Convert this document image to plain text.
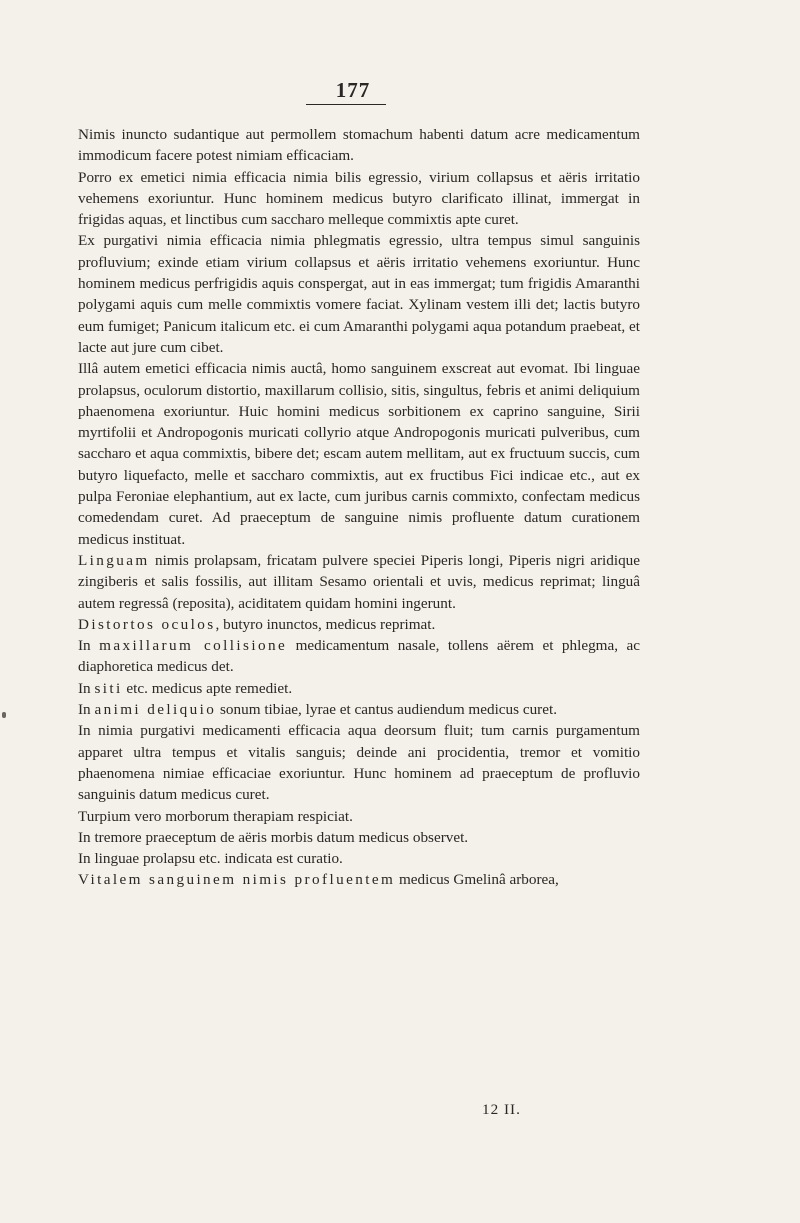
177

Nimis inuncto sudantique aut permollem stomachum habenti datum acre medicamentum immodicum facere potest nimiam efficaciam.

Porro ex emetici nimia efficacia nimia bilis egressio, virium collapsus et aëris irritatio vehemens exoriuntur. Hunc hominem medicus butyro clarificato illinat, immergat in frigidas aquas, et linctibus cum saccharo melleque commixtis apte curet.

Ex purgativi nimia efficacia nimia phlegmatis egressio, ultra tempus simul sanguinis profluvium; exinde etiam virium collapsus et aëris irritatio vehemens exoriuntur. Hunc hominem medicus perfrigidis aquis conspergat, aut in eas immergat; tum frigidis Amaranthi polygami aquis cum melle commixtis vomere faciat. Xylinam vestem illi det; lactis butyro eum fumiget; Panicum italicum etc. ei cum Amaranthi polygami aqua potandum praebeat, et lacte aut jure cum cibet.

Illâ autem emetici efficacia nimis auctâ, homo sanguinem exscreat aut evomat. Ibi linguae prolapsus, oculorum distortio, maxillarum collisio, sitis, singultus, febris et animi deliquium phaenomena exoriuntur. Huic homini medicus sorbitionem ex caprino sanguine, Sirii myrtifolii et Andropogonis muricati collyrio atque Andropogonis muricati pulveribus, cum saccharo et aqua commixtis, bibere det; escam autem mellitam, aut ex fructuum succis, cum butyro liquefacto, melle et saccharo commixtis, aut ex fructibus Fici indicae etc., aut ex pulpa Feroniae elephantium, aut ex lacte, cum juribus carnis commixto, confectam medicus comedendam curet. Ad praeceptum de sanguine nimis profluente datum curationem medicus instituat.

Linguam nimis prolapsam, fricatam pulvere speciei Piperis longi, Piperis nigri aridique zingiberis et salis fossilis, aut illitam Sesamo orientali et uvis, medicus reprimat; linguâ autem regressâ (reposita), aciditatem quidam homini ingerunt.

Distortos oculos, butyro inunctos, medicus reprimat.

In maxillarum collisione medicamentum nasale, tollens aërem et phlegma, ac diaphoretica medicus det.

In siti etc. medicus apte remediet.

In animi deliquio sonum tibiae, lyrae et cantus audiendum medicus curet.

In nimia purgativi medicamenti efficacia aqua deorsum fluit; tum carnis purgamentum apparet ultra tempus et vitalis sanguis; deinde ani procidentia, tremor et vomitio phaenomena nimiae efficaciae exoriuntur. Hunc hominem ad praeceptum de profluvio sanguinis datum medicus curet.

Turpium vero morborum therapiam respiciat.

In tremore praeceptum de aëris morbis datum medicus observet.

In linguae prolapsu etc. indicata est curatio.

Vitalem sanguinem nimis profluentem medicus Gmelinâ arborea,

12 II.
